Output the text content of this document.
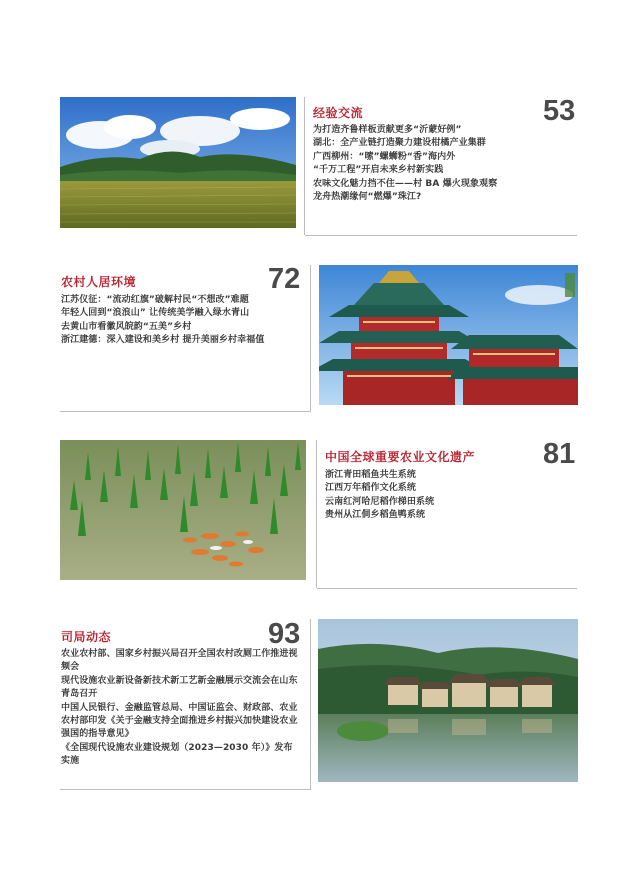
经验交流	53
为打造齐鲁样板贡献更多“沂蒙好例”
湖北：全产业链打造聚力建设柑橘产业集群
广西柳州：“嗦”螺蛳粉“香”海内外
“千万工程”开启未来乡村新实践
农味文化魅力挡不住——村 BA 爆火现象观察
龙舟热潮缘何“燃爆”珠江?
农村人居环境	72
江苏仪征：“流动红旗”破解村民“不想改”难题
年轻人回到“浪浪山” 让传统美学融入绿水青山
去黄山市看徽风皖韵“五美”乡村
浙江建德：深入建设和美乡村 提升美丽乡村幸福值
中国全球重要农业文化遗产 81
浙江青田稻鱼共生系统
江西万年稻作文化系统
云南红河哈尼稻作梯田系统
贵州从江侗乡稻鱼鸭系统
司局动态	93
农业农村部、国家乡村振兴局召开全国农村改厕工作推进视频会
现代设施农业新设备新技术新工艺新金融展示交流会在山东青岛召开
中国人民银行、金融监管总局、中国证监会、财政部、农业农村部印发《关于金融支持全面推进乡村振兴加快建设农业强国的指导意见》
《全国现代设施农业建设规划（2023—2030 年）》发布实施
